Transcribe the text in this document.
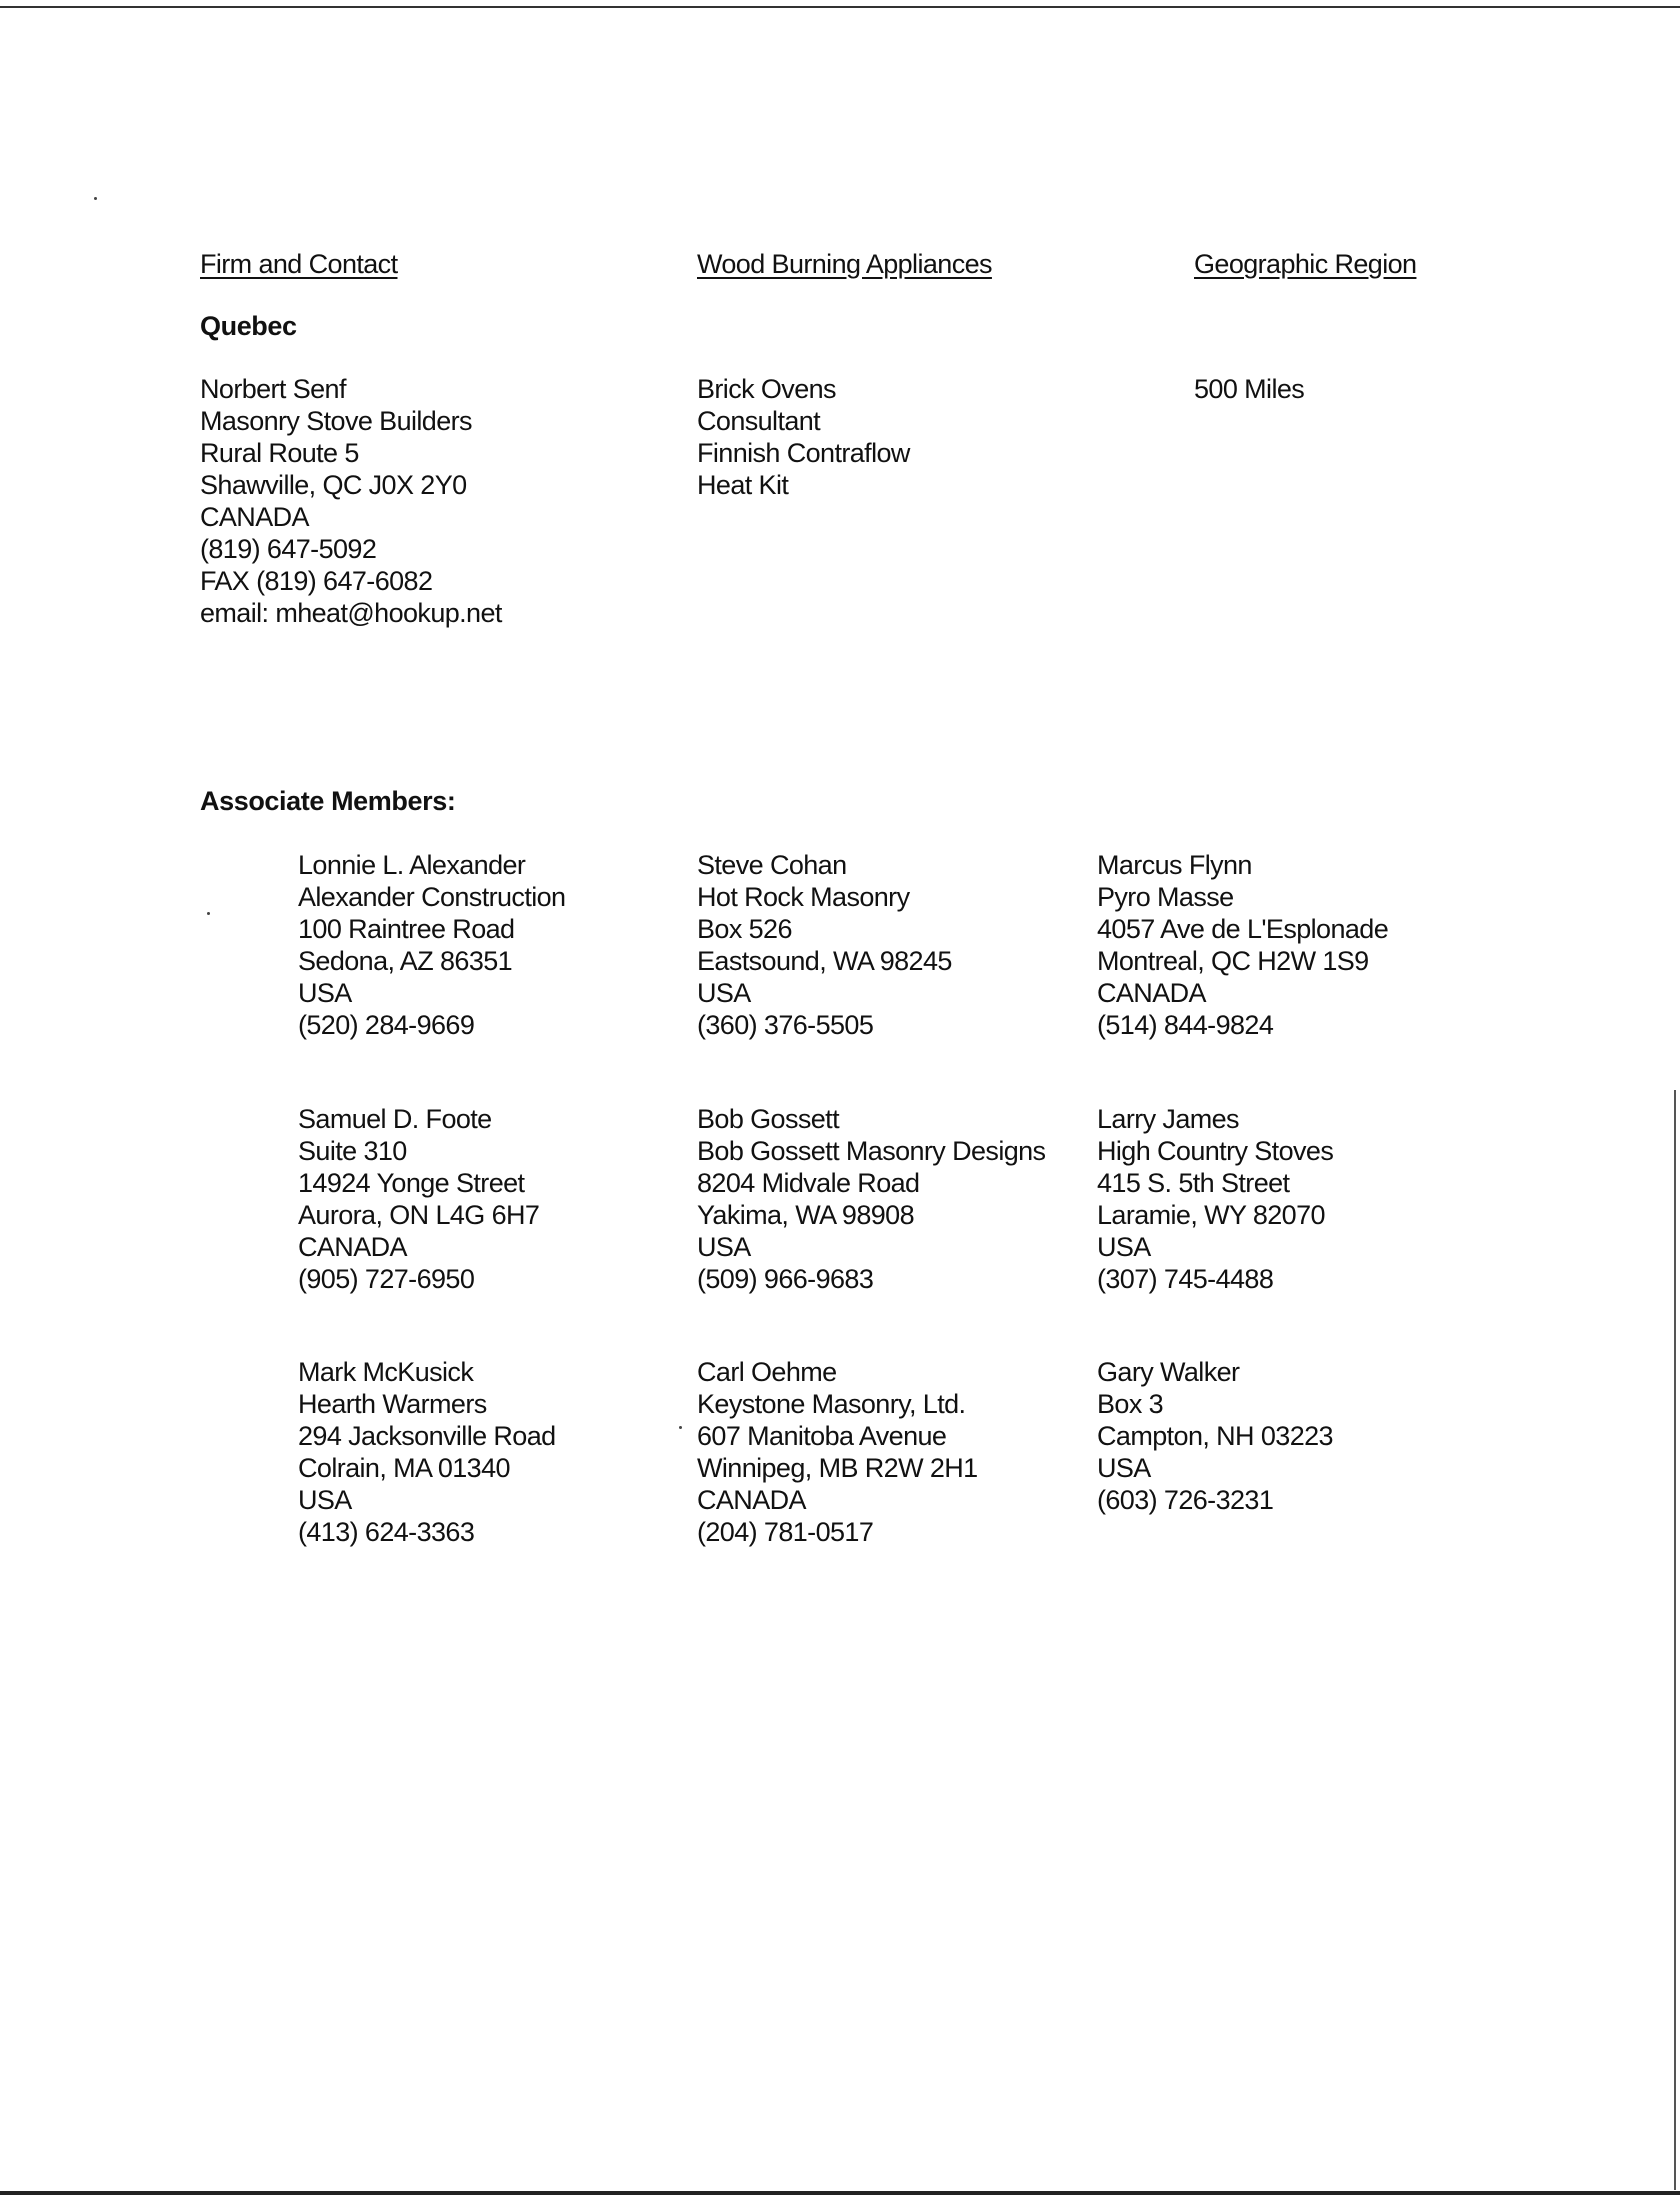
Firm and Contact	Wood Burning Appliances	Geographic Region
Quebec
Norbert Senf
Masonry Stove Builders
Rural Route 5
Shawville, QC J0X 2Y0
CANADA
(819) 647-5092
FAX (819) 647-6082
email: mheat@hookup.net
Brick Ovens
Consultant
Finnish Contraflow
Heat Kit
500 Miles
Associate Members:
Lonnie L. Alexander
Alexander Construction
100 Raintree Road
Sedona, AZ 86351
USA
(520) 284-9669
Steve Cohan
Hot Rock Masonry
Box 526
Eastsound, WA 98245
USA
(360) 376-5505
Marcus Flynn
Pyro Masse
4057 Ave de L'Esplonade
Montreal, QC H2W 1S9
CANADA
(514) 844-9824
Samuel D. Foote
Suite 310
14924 Yonge Street
Aurora, ON L4G 6H7
CANADA
(905) 727-6950
Bob Gossett
Bob Gossett Masonry Designs
8204 Midvale Road
Yakima, WA 98908
USA
(509) 966-9683
Larry James
High Country Stoves
415 S. 5th Street
Laramie, WY 82070
USA
(307) 745-4488
Mark McKusick
Hearth Warmers
294 Jacksonville Road
Colrain, MA 01340
USA
(413) 624-3363
Carl Oehme
Keystone Masonry, Ltd.
607 Manitoba Avenue
Winnipeg, MB R2W 2H1
CANADA
(204) 781-0517
Gary Walker
Box 3
Campton, NH 03223
USA
(603) 726-3231
